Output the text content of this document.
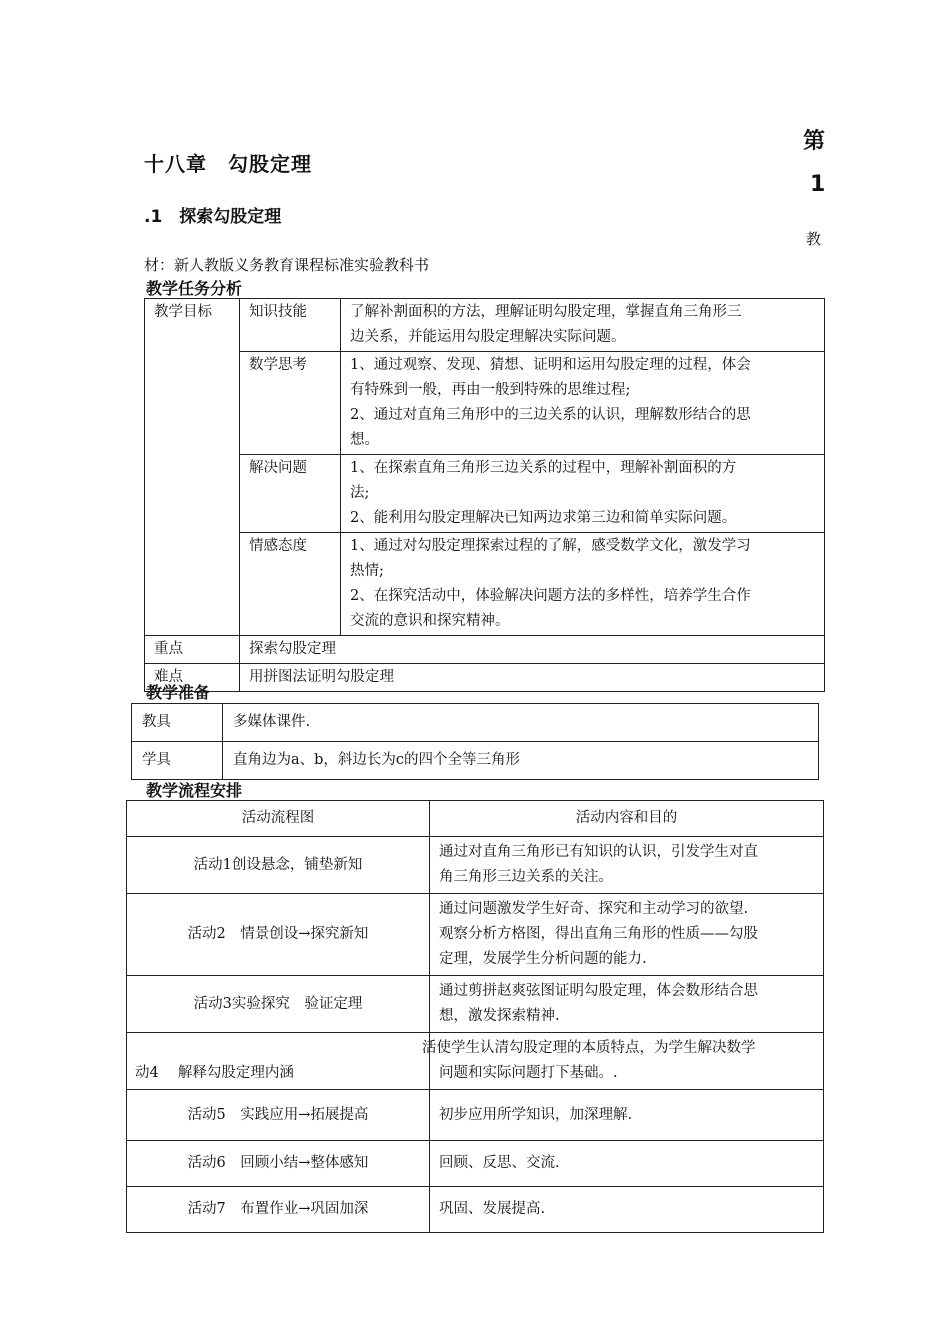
十八章　勾股定理
.1　探索勾股定理
第
1
教
材：新人教版义务教育课程标准实验教科书
教学任务分析
教学目标	知识技能	了解补割面积的方法，理解证明勾股定理，掌握直角三角形三
边关系，并能运用勾股定理解决实际问题。

	数学思考	1、通过观察、发现、猜想、证明和运用勾股定理的过程，体会
有特殊到一般，再由一般到特殊的思维过程;
2、通过对直角三角形中的三边关系的认识，理解数形结合的思
想。

	解决问题	1、在探索直角三角形三边关系的过程中，理解补割面积的方
法;
2、能利用勾股定理解决已知两边求第三边和简单实际问题。

	情感态度	1、通过对勾股定理探索过程的了解，感受数学文化，激发学习
热情;
2、在探究活动中，体验解决问题方法的多样性，培养学生合作
交流的意识和探究精神。

重点	探索勾股定理	
难点	用拼图法证明勾股定理	
教学准备
教具	多媒体课件.
学具	直角边为a、b，斜边长为c的四个全等三角形
教学流程安排
活动流程图	活动内容和目的
活动1创设悬念，铺垫新知	通过对直角三角形已有知识的认识，引发学生对直
角三角形三边关系的关注。

活动2　情景创设→探究新知	通过问题激发学生好奇、探究和主动学习的欲望.
观察分析方格图，得出直角三角形的性质——勾股
定理，发展学生分析问题的能力.

活动3实验探究　验证定理	通过剪拼赵爽弦图证明勾股定理，体会数形结合思
想，激发探索精神.

动4　 解释勾股定理内涵	活使学生认清勾股定理的本质特点，为学生解决数学
问题和实际问题打下基础。.

活动5　实践应用→拓展提高	初步应用所学知识，加深理解.
活动6　回顾小结→整体感知	回顾、反思、交流.
活动7　布置作业→巩固加深	巩固、发展提高.
